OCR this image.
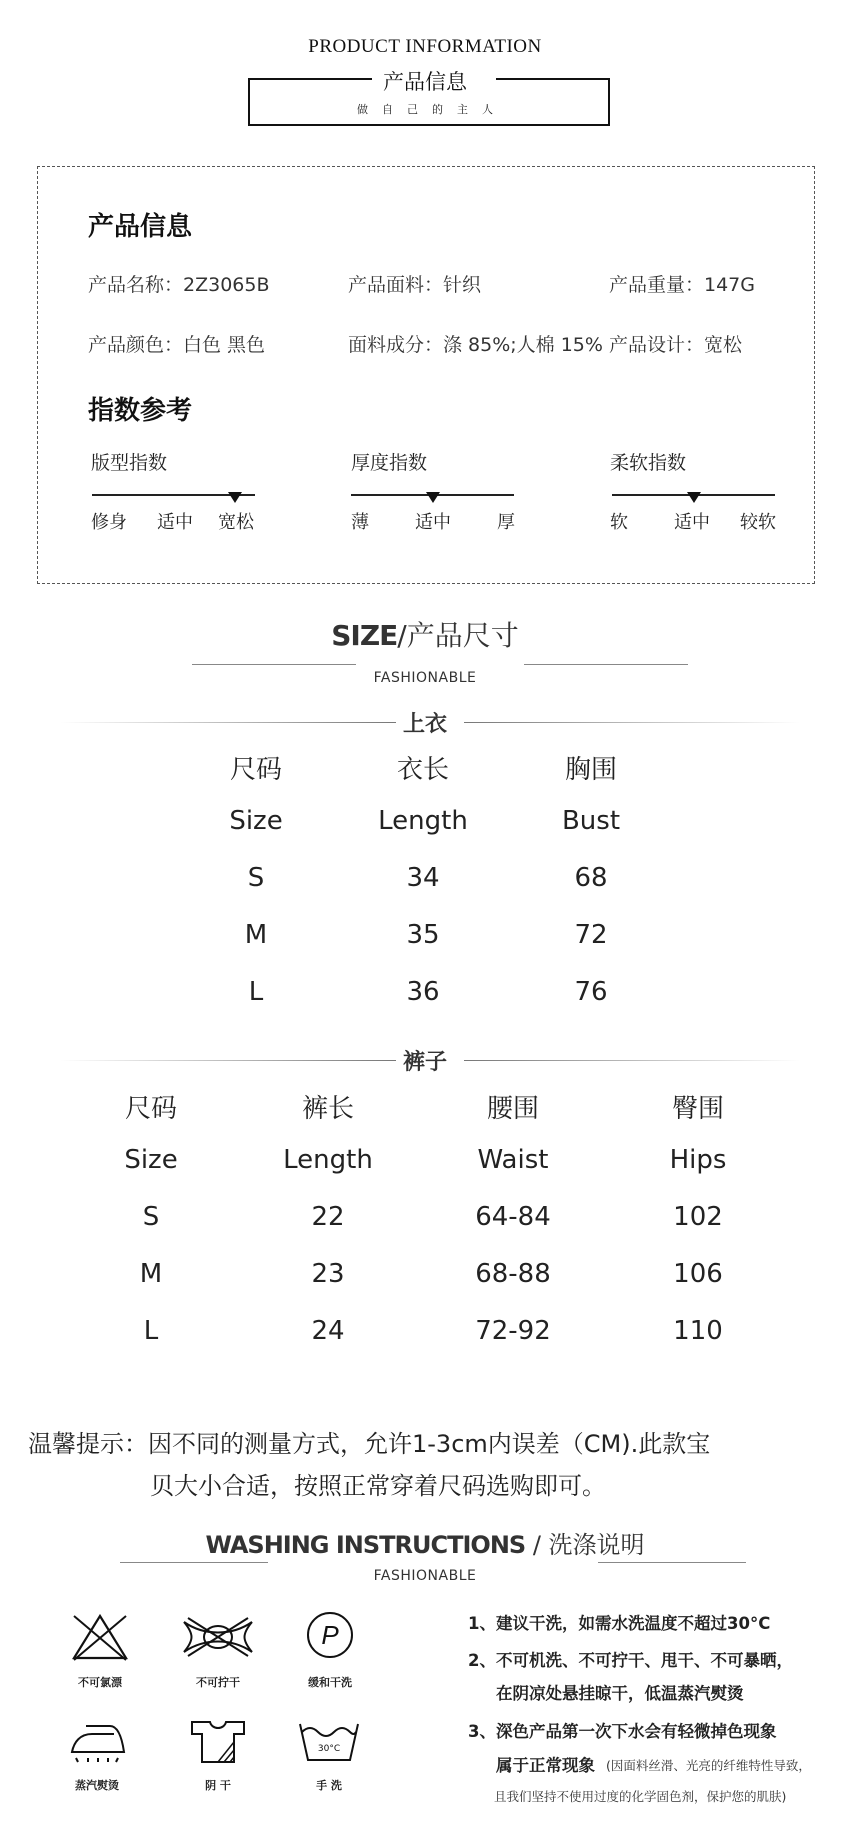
PRODUCT INFORMATION
产品信息
做自己的主人
产品信息
产品名称：2Z3065B	产品面料：针织	产品重量：147G
产品颜色：白色 黑色	面料成分：涤 85%;人棉 15% 产品设计：宽松
指数参考
版型指数
修身 适中 宽松
厚度指数
薄	适中	厚
柔软指数
软	适中 较软
SIZE/产品尺寸
FASHIONABLE
上衣
尺码	衣长	胸围
Size	Length	Bust
S	34	68
M	35	72
L	36	76
裤子
尺码	裤长	腰围	臀围
Size	Length	Waist	Hips
S	22	64-84	102
M	23	68-88	106
L	24	72-92	110
温馨提示：因不同的测量方式，允许1-3cm内误差（CM).此款宝
贝大小合适，按照正常穿着尺码选购即可。
WASHING INSTRUCTIONS / 洗涤说明
FASHIONABLE
不可氯漂	不可拧干
P
缓和干洗
蒸汽熨烫	阴 干
30°C
手 洗
1、建议干洗，如需水洗温度不超过30°C
2、不可机洗、不可拧干、甩干、不可暴晒，
在阴凉处悬挂晾干，低温蒸汽熨烫
3、深色产品第一次下水会有轻微掉色现象
属于正常现象 (因面料丝滑、光亮的纤维特性导致，
且我们坚持不使用过度的化学固色剂，保护您的肌肤)
